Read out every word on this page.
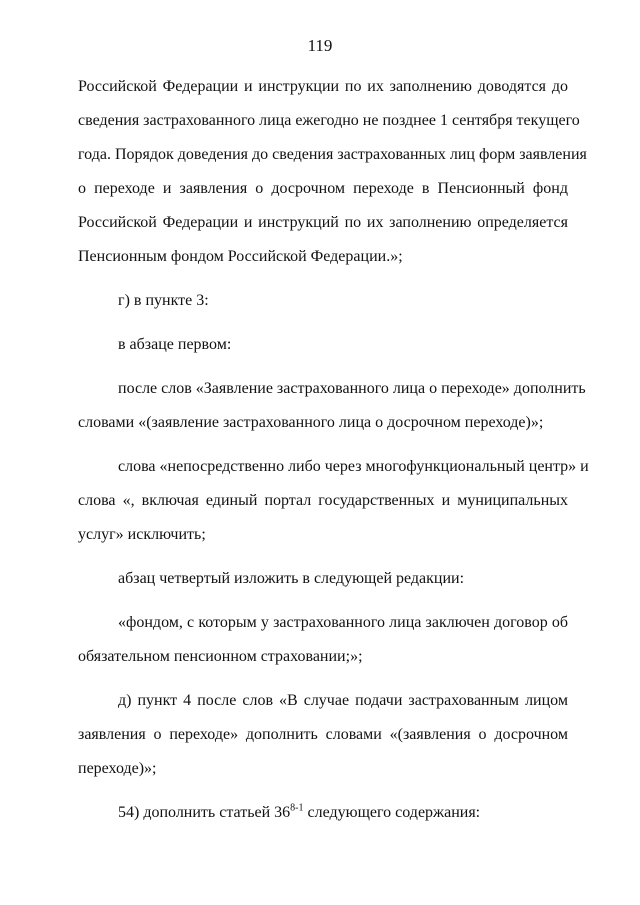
119
Российской Федерации и инструкции по их заполнению доводятся до
сведения застрахованного лица ежегодно не позднее 1 сентября текущего
года. Порядок доведения до сведения застрахованных лиц форм заявления
о переходе и заявления о досрочном переходе в Пенсионный фонд
Российской Федерации и инструкций по их заполнению определяется
Пенсионным фондом Российской Федерации.»;
г) в пункте 3:
в абзаце первом:
после слов «Заявление застрахованного лица о переходе» дополнить
словами «(заявление застрахованного лица о досрочном переходе)»;
слова «непосредственно либо через многофункциональный центр» и
слова «, включая единый портал государственных и муниципальных
услуг» исключить;
абзац четвертый изложить в следующей редакции:
«фондом, с которым у застрахованного лица заключен договор об
обязательном пенсионном страховании;»;
д) пункт 4 после слов «В случае подачи застрахованным лицом
заявления о переходе» дополнить словами «(заявления о досрочном
переходе)»;
54) дополнить статьей 36$^{8-1}$ следующего содержания:
